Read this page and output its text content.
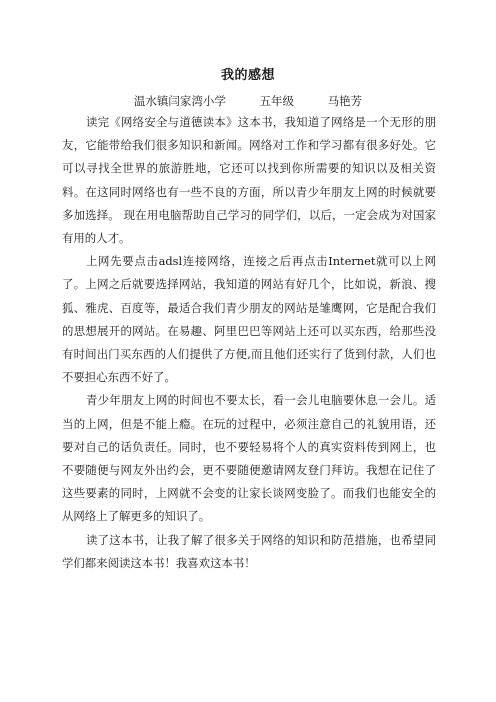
我的感想
温水镇闫家湾小学	五年级	马艳芳

读完《网络安全与道德读本》这本书，我知道了网络是一个无形的朋友，它能带给我们很多知识和新闻。网络对工作和学习都有很多好处。它可以寻找全世界的旅游胜地，它还可以找到你所需要的知识以及相关资料。在这同时网络也有一些不良的方面，所以青少年朋友上网的时候就要多加选择。 现在用电脑帮助自己学习的同学们，以后，一定会成为对国家有用的人才。

上网先要点击adsl连接网络，连接之后再点击Internet就可以上网了。上网之后就要选择网站，我知道的网站有好几个，比如说，新浪、搜狐、雅虎、百度等，最适合我们青少朋友的网站是雏鹰网，它是配合我们的思想展开的网站。在易趣、阿里巴巴等网站上还可以买东西，给那些没有时间出门买东西的人们提供了方便,而且他们还实行了货到付款，人们也不要担心东西不好了。

青少年朋友上网的时间也不要太长，看一会儿电脑要休息一会儿。适当的上网，但是不能上瘾。在玩的过程中，必须注意自己的礼貌用语，还要对自己的话负责任。同时，也不要轻易将个人的真实资料传到网上，也不要随便与网友外出约会，更不要随便邀请网友登门拜访。我想在记住了这些要素的同时，上网就不会变的让家长谈网变脸了。而我们也能安全的从网络上了解更多的知识了。

读了这本书，让我了解了很多关于网络的知识和防范措施，也希望同学们都来阅读这本书！我喜欢这本书！
